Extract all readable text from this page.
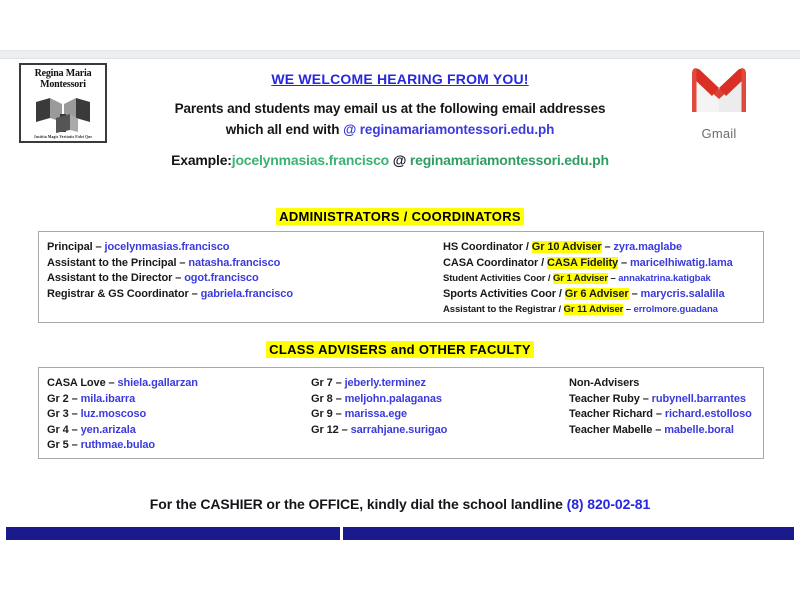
Regina Maria
Montessori
Justitia Magis Veritatis Fidei Que
WE WELCOME HEARING FROM YOU!
Parents and students may email us at the following email addresses
which all end with @ reginamariamontessori.edu.ph
Example:jocelynmasias.francisco @ reginamariamontessori.edu.ph
Gmail
ADMINISTRATORS / COORDINATORS
Principal – jocelynmasias.francisco
Assistant to the Principal – natasha.francisco
Assistant to the Director – ogot.francisco
Registrar & GS Coordinator – gabriela.francisco
HS Coordinator / Gr 10 Adviser – zyra.maglabe
CASA Coordinator / CASA Fidelity – maricelhiwatig.lama
Student Activities Coor / Gr 1 Adviser – annakatrina.katigbak
Sports Activities Coor / Gr 6 Adviser – marycris.salalila
Assistant to the Registrar / Gr 11 Adviser – errolmore.guadana
CLASS ADVISERS and OTHER FACULTY
CASA Love – shiela.gallarzan
Gr 2 – mila.ibarra
Gr 3 – luz.moscoso
Gr 4 – yen.arizala
Gr 5 – ruthmae.bulao
Gr 7 – jeberly.terminez
Gr 8 – meljohn.palaganas
Gr 9 – marissa.ege
Gr 12 – sarrahjane.surigao
Non-Advisers
Teacher Ruby – rubynell.barrantes
Teacher Richard – richard.estolloso
Teacher Mabelle – mabelle.boral
For the CASHIER or the OFFICE, kindly dial the school landline (8) 820-02-81
